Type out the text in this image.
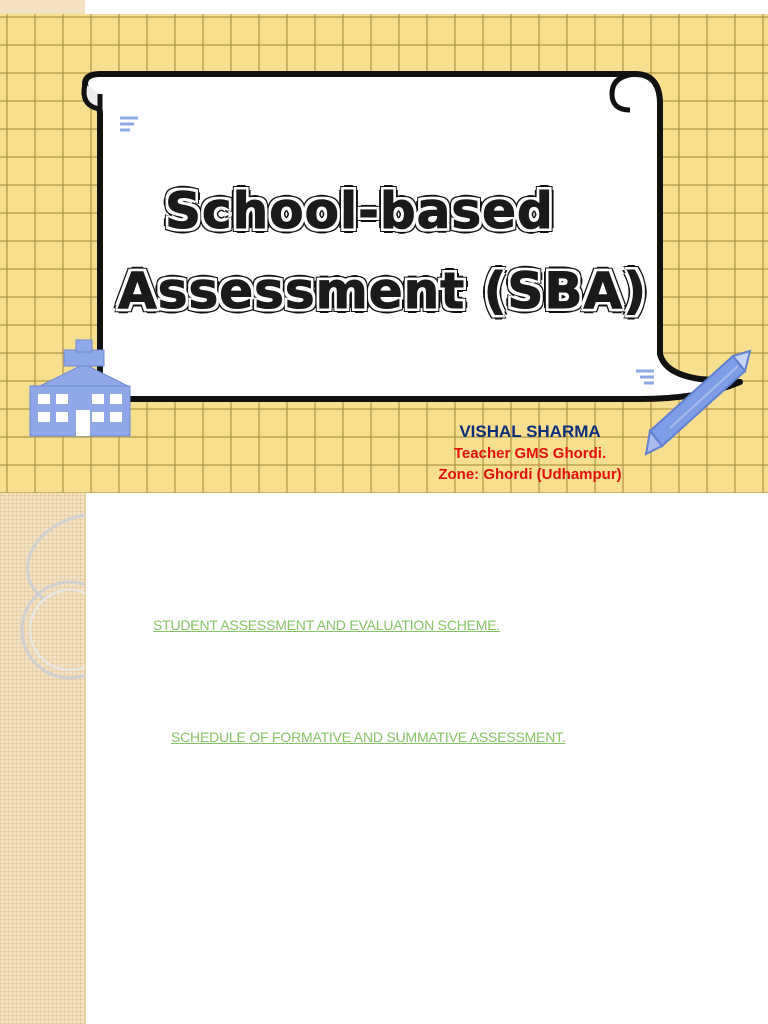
School-based

Assessment (SBA)

VISHAL SHARMA

Teacher GMS Ghordi.

Zone: Ghordi (Udhampur)

STUDENT ASSESSMENT AND EVALUATION SCHEME.
SCHEDULE OF FORMATIVE AND SUMMATIVE ASSESSMENT.
